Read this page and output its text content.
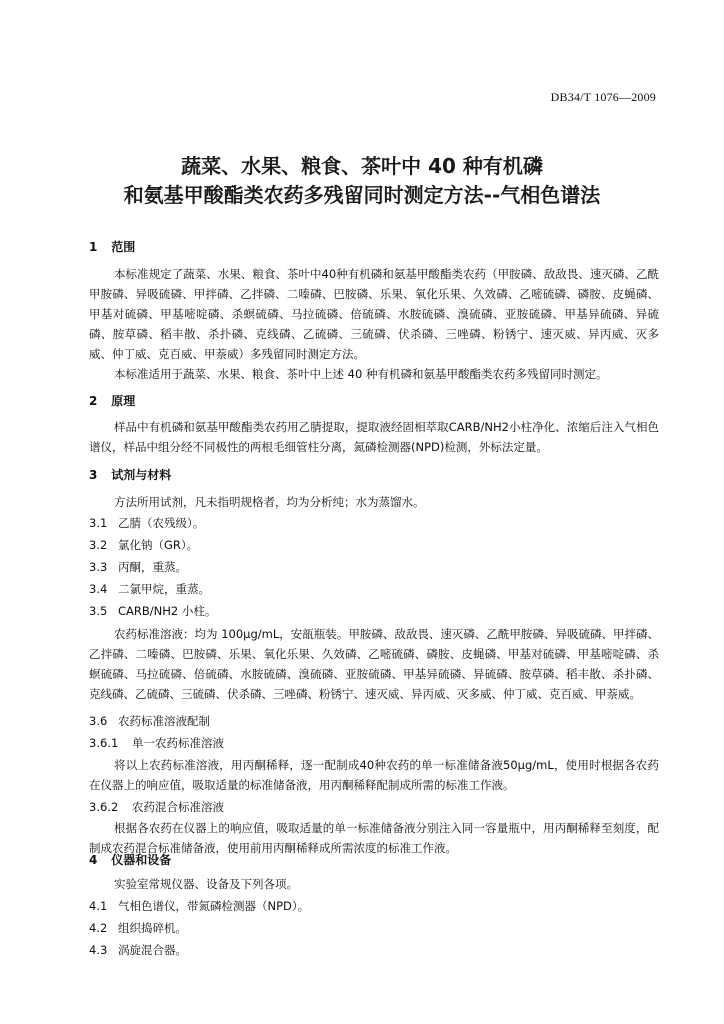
DB34/T 1076—2009
蔬菜、水果、粮食、茶叶中 40 种有机磷
和氨基甲酸酯类农药多残留同时测定方法--气相色谱法
1 范围
本标准规定了蔬菜、水果、粮食、茶叶中40种有机磷和氨基甲酸酯类农药（甲胺磷、敌敌畏、速灭磷、乙酰甲胺磷、异吸硫磷、甲拌磷、乙拌磷、二嗪磷、巴胺磷、乐果、氧化乐果、久效磷、乙嘧硫磷、磷胺、皮蝇磷、甲基对硫磷、甲基嘧啶磷、杀螟硫磷、马拉硫磷、倍硫磷、水胺硫磷、溴硫磷、亚胺硫磷、甲基异硫磷、异硫磷、胺草磷、稻丰散、杀扑磷、克线磷、乙硫磷、三硫磷、伏杀磷、三唑磷、粉锈宁、速灭威、异丙威、灭多威、仲丁威、克百威、甲萘威）多残留同时测定方法。
本标准适用于蔬菜、水果、粮食、茶叶中上述 40 种有机磷和氨基甲酸酯类农药多残留同时测定。
2 原理
样品中有机磷和氨基甲酸酯类农药用乙腈提取，提取液经固相萃取CARB/NH2小柱净化、浓缩后注入气相色谱仪，样品中组分经不同极性的两根毛细管柱分离，氮磷检测器(NPD)检测，外标法定量。
3 试剂与材料
方法所用试剂，凡未指明规格者，均为分析纯；水为蒸馏水。
3.1 乙腈（农残级）。
3.2 氯化钠（GR）。
3.3 丙酮，重蒸。
3.4 二氯甲烷，重蒸。
3.5 CARB/NH2 小柱。
农药标准溶液：均为 100μg/mL，安瓿瓶装。甲胺磷、敌敌畏、速灭磷、乙酰甲胺磷、异吸硫磷、甲拌磷、乙拌磷、二嗪磷、巴胺磷、乐果、氧化乐果、久效磷、乙嘧硫磷、磷胺、皮蝇磷、甲基对硫磷、甲基嘧啶磷、杀螟硫磷、马拉硫磷、倍硫磷、水胺硫磷、溴硫磷、亚胺硫磷、甲基异硫磷、异硫磷、胺草磷、稻丰散、杀扑磷、克线磷、乙硫磷、三硫磷、伏杀磷、三唑磷、粉锈宁、速灭威、异丙威、灭多威、仲丁威、克百威、甲萘威。
3.6 农药标准溶液配制
3.6.1 单一农药标准溶液
将以上农药标准溶液，用丙酮稀释，逐一配制成40种农药的单一标准储备液50μg/mL，使用时根据各农药在仪器上的响应值，吸取适量的标准储备液，用丙酮稀释配制成所需的标准工作液。
3.6.2 农药混合标准溶液
根据各农药在仪器上的响应值，吸取适量的单一标准储备液分别注入同一容量瓶中，用丙酮稀释至刻度，配制成农药混合标准储备液，使用前用丙酮稀释成所需浓度的标准工作液。
4 仪器和设备
实验室常规仪器、设备及下列各项。
4.1 气相色谱仪，带氮磷检测器（NPD）。
4.2 组织捣碎机。
4.3 涡旋混合器。
